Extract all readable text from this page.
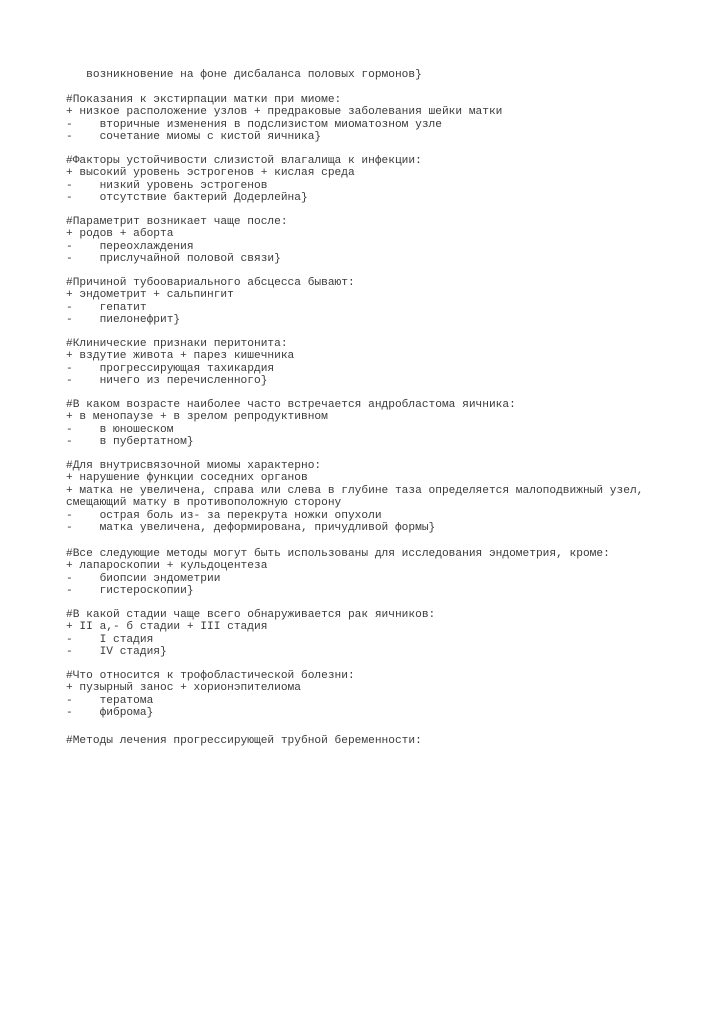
возникновение на фоне дисбаланса половых гормонов}
#Показания к экстирпации матки при миоме:
+ низкое расположение узлов + предраковые заболевания шейки матки
-    вторичные изменения в подслизистом миоматозном узле
-    сочетание миомы с кистой яичника}
#Факторы устойчивости слизистой влагалища к инфекции:
+ высокий уровень эстрогенов + кислая среда
-    низкий уровень эстрогенов
-    отсутствие бактерий Додерлейна}
#Параметрит возникает чаще после:
+ родов + аборта
-    переохлаждения
-    прислучайной половой связи}
#Причиной тубоовариального абсцесса бывают:
+ эндометрит + сальпингит
-    гепатит
-    пиелонефрит}
#Клинические признаки перитонита:
+ вздутие живота + парез кишечника
-    прогрессирующая тахикардия
-    ничего из перечисленного}
#В каком возрасте наиболее часто встречается андробластома яичника:
+ в менопаузе + в зрелом репродуктивном
-    в юношеском
-    в пубертатном}
#Для внутрисвязочной миомы характерно:
+ нарушение функции соседних органов
+ матка не увеличена, справа или слева в глубине таза определяется малоподвижный узел, смещающий матку в противоположную сторону
-    острая боль из- за перекрута ножки опухоли
-    матка увеличена, деформирована, причудливой формы}
#Все следующие методы могут быть использованы для исследования эндометрия, кроме:
+ лапароскопии + кульдоцентеза
-    биопсии эндометрии
-    гистероскопии}
#В какой стадии чаще всего обнаруживается рак яичников:
+ II а,- б стадии + III стадия
-    I стадия
-    IV стадия}
#Что относится к трофобластической болезни:
+ пузырный занос + хорионэпителиома
-    тератома
-    фиброма}
#Методы лечения прогрессирующей трубной беременности:
